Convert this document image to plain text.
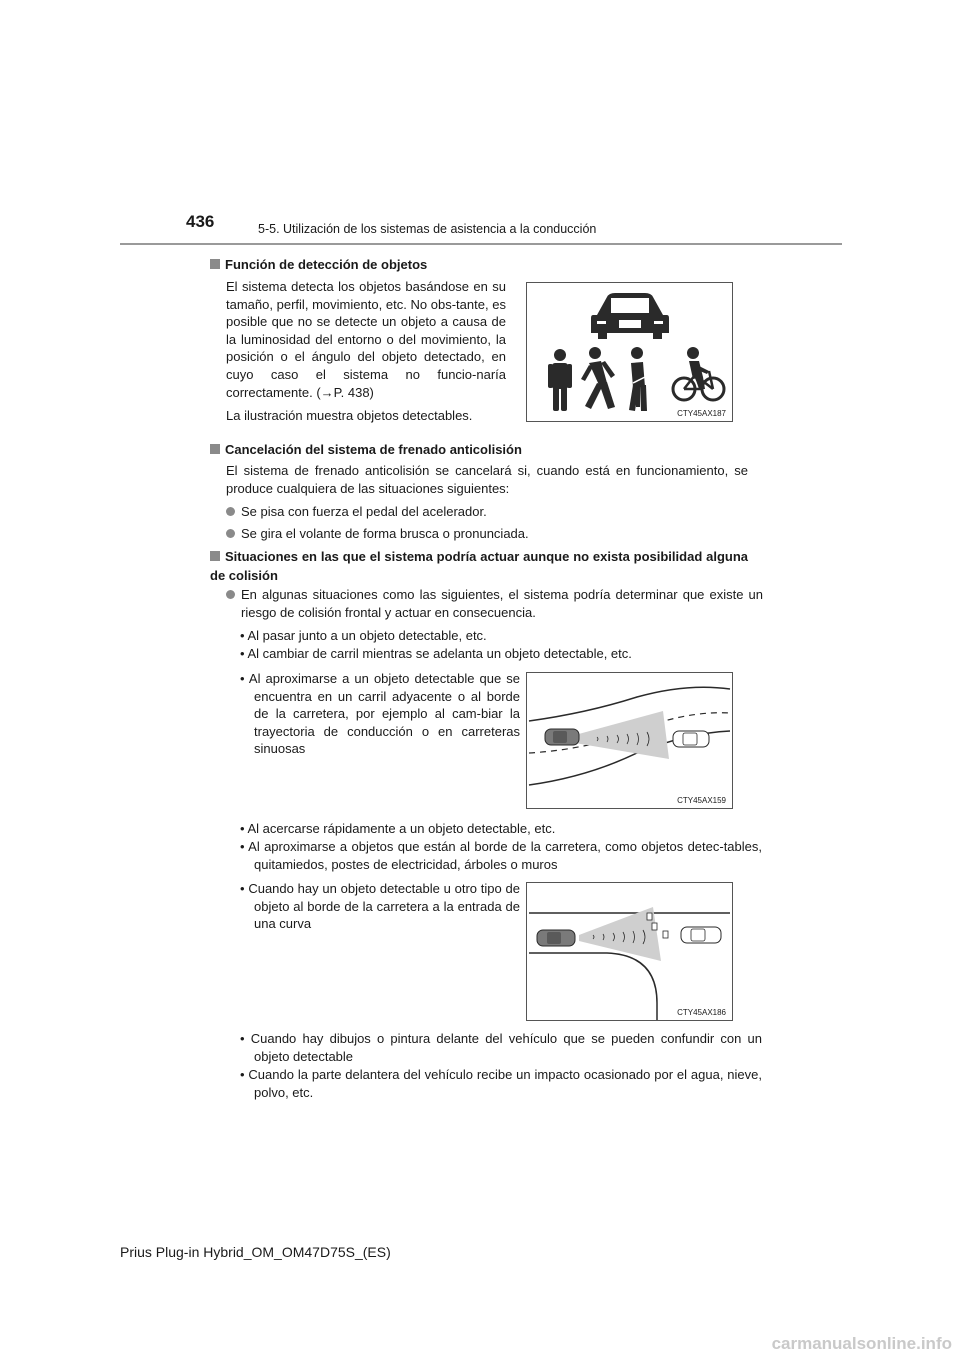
436	5-5. Utilización de los sistemas de asistencia a la conducción
Función de detección de objetos
El sistema detecta los objetos basándose en su tamaño, perfil, movimiento, etc. No obs-tante, es posible que no se detecte un objeto a causa de la luminosidad del entorno o del movimiento, la posición o el ángulo del objeto detectado, en cuyo caso el sistema no funcio-naría correctamente. (→P. 438)
La ilustración muestra objetos detectables.	CTY45AX187
Cancelación del sistema de frenado anticolisión
El sistema de frenado anticolisión se cancelará si, cuando está en funcionamiento, se produce cualquiera de las situaciones siguientes:
Se pisa con fuerza el pedal del acelerador.
Se gira el volante de forma brusca o pronunciada.
Situaciones en las que el sistema podría actuar aunque no exista posibilidad alguna de colisión
En algunas situaciones como las siguientes, el sistema podría determinar que existe un riesgo de colisión frontal y actuar en consecuencia.
• Al pasar junto a un objeto detectable, etc.
• Al cambiar de carril mientras se adelanta un objeto detectable, etc.
• Al aproximarse a un objeto detectable que se encuentra en un carril adyacente o al borde de la carretera, por ejemplo al cam-biar la trayectoria de conducción o en carreteras sinuosas
CTY45AX159
• Al acercarse rápidamente a un objeto detectable, etc.
• Al aproximarse a objetos que están al borde de la carretera, como objetos detec-tables, quitamiedos, postes de electricidad, árboles o muros
• Cuando hay un objeto detectable u otro tipo de objeto al borde de la carretera a la entrada de una curva
CTY45AX186
• Cuando hay dibujos o pintura delante del vehículo que se pueden confundir con un objeto detectable
• Cuando la parte delantera del vehículo recibe un impacto ocasionado por el agua, nieve, polvo, etc.
Prius Plug-in Hybrid_OM_OM47D75S_(ES)
carmanualsonline.info
